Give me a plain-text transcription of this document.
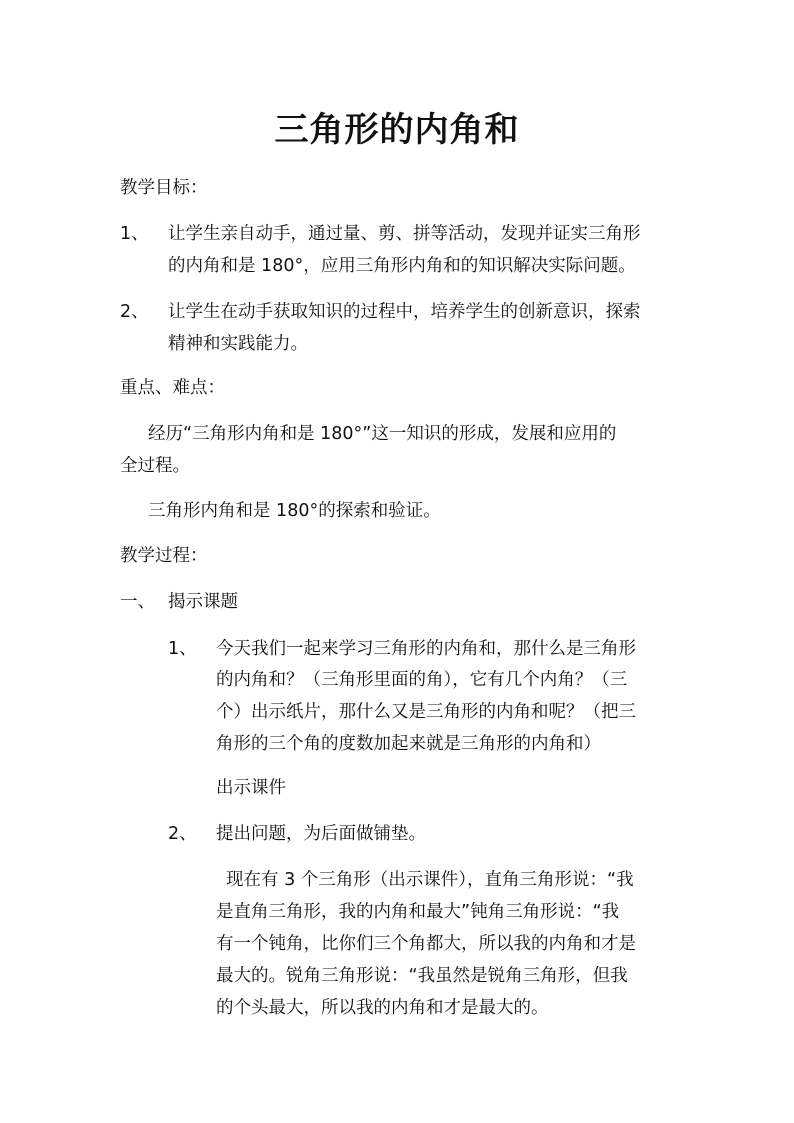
三角形的内角和
教学目标：
1、 让学生亲自动手，通过量、剪、拼等活动，发现并证实三角形
的内角和是 180°，应用三角形内角和的知识解决实际问题。
2、 让学生在动手获取知识的过程中，培养学生的创新意识，探索
精神和实践能力。
重点、难点：
经历“三角形内角和是 180°”这一知识的形成，发展和应用的
全过程。
三角形内角和是 180°的探索和验证。
教学过程：
一、 揭示课题
1、 今天我们一起来学习三角形的内角和，那什么是三角形
的内角和？（三角形里面的角），它有几个内角？（三
个）出示纸片，那什么又是三角形的内角和呢？（把三
角形的三个角的度数加起来就是三角形的内角和）
出示课件
2、 提出问题，为后面做铺垫。
现在有 3 个三角形（出示课件），直角三角形说：“我
是直角三角形，我的内角和最大”钝角三角形说：“我
有一个钝角，比你们三个角都大，所以我的内角和才是
最大的。锐角三角形说：“我虽然是锐角三角形，但我
的个头最大，所以我的内角和才是最大的。
